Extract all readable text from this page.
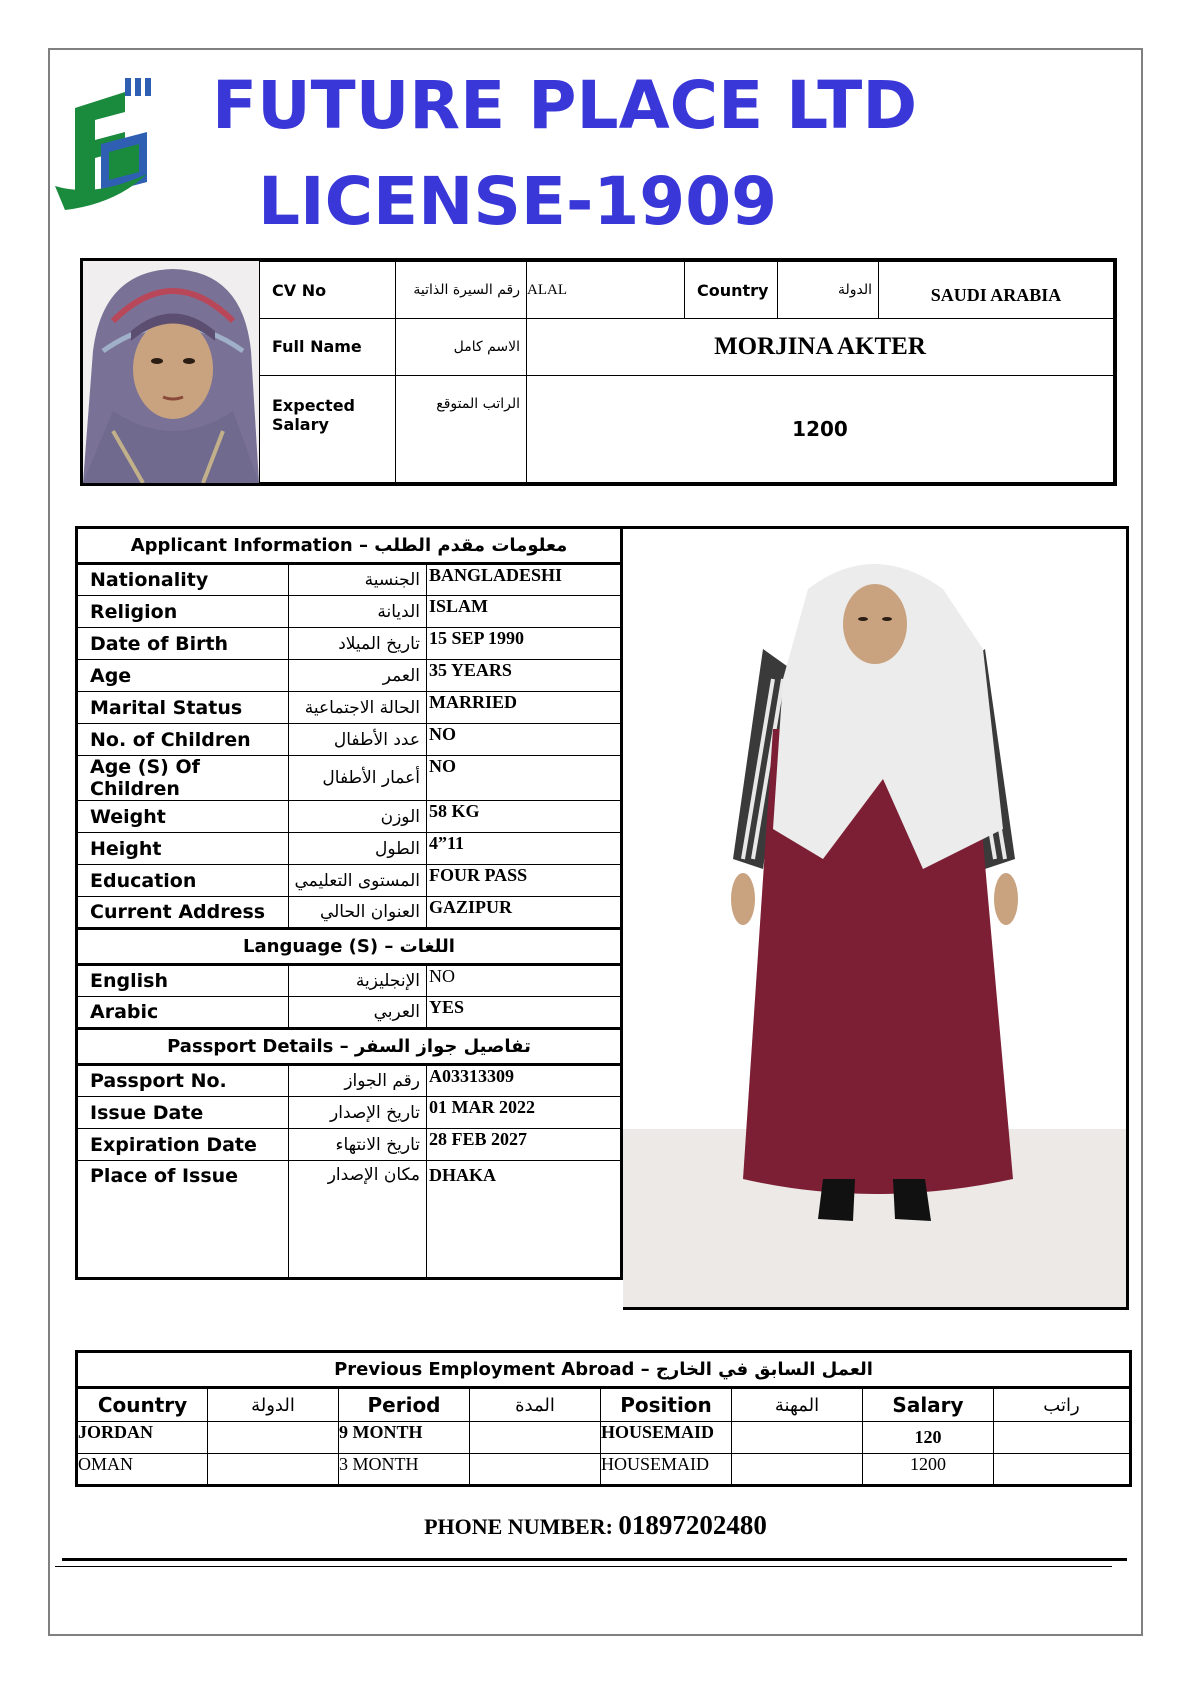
FUTURE PLACE LTD
LICENSE-1909
CV No	رقم السيرة الذاتية	ALAL	Country	الدولة	SAUDI ARABIA
Full Name	الاسم كامل	MORJINA AKTER			
Expected Salary	الراتب المتوقع	1200			
Applicant Information – معلومات مقدم الطلب		
Nationality	الجنسية	BANGLADESHI
Religion	الديانة	ISLAM
Date of Birth	تاريخ الميلاد	15 SEP 1990
Age	العمر	35 YEARS
Marital Status	الحالة الاجتماعية	MARRIED
No. of Children	عدد الأطفال	NO
Age (S) Of Children	أعمار الأطفال	NO
Weight	الوزن	58 KG
Height	الطول	4”11
Education	المستوى التعليمي	FOUR PASS
Current Address	العنوان الحالي	GAZIPUR
Language (S) – اللغات		
English	الإنجليزية	NO
Arabic	العربي	YES
Passport Details – تفاصيل جواز السفر		
Passport No.	رقم الجواز	A03313309
Issue Date	تاريخ الإصدار	01 MAR 2022
Expiration Date	تاريخ الانتهاء	28 FEB 2027
Place of Issue	مكان الإصدار	DHAKA
Previous Employment Abroad – العمل السابق في الخارج							
Country	الدولة	Period	المدة	Position	المهنة	Salary	راتب
JORDAN		9 MONTH		HOUSEMAID		120	
OMAN		3 MONTH		HOUSEMAID		1200	
PHONE NUMBER: 01897202480
